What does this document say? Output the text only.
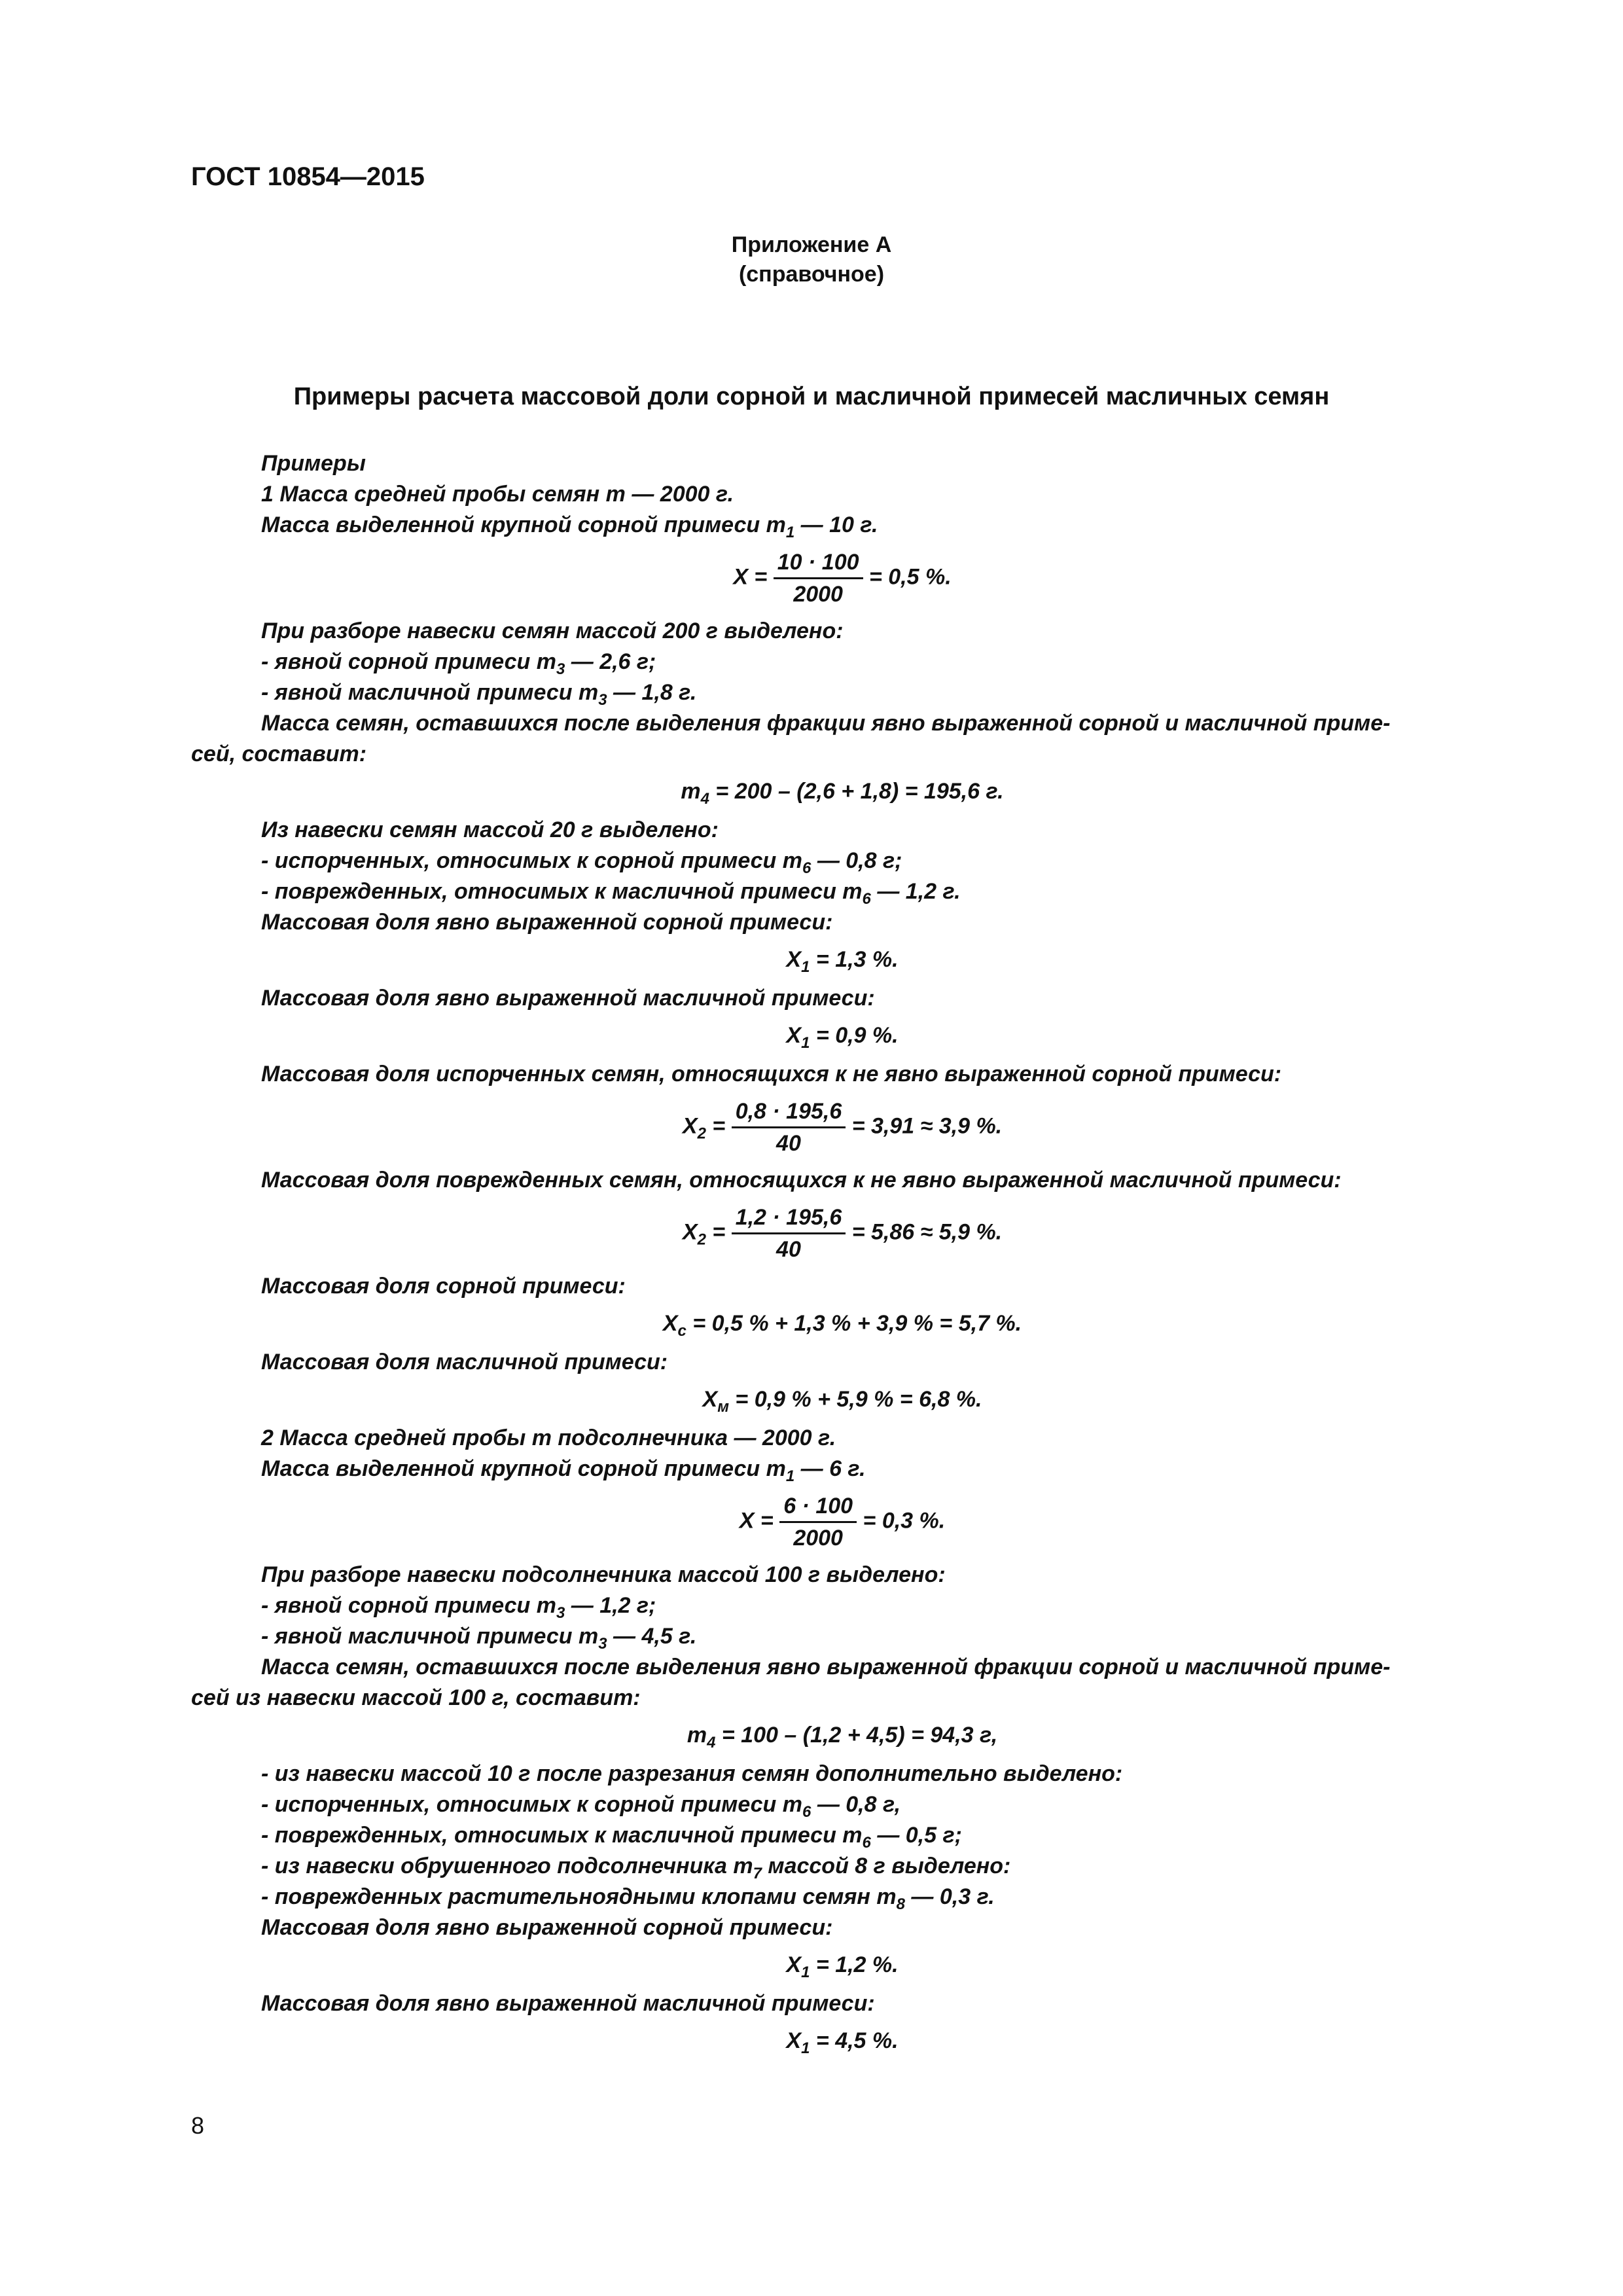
ГОСТ 10854—2015
Приложение А
(справочное)
Примеры расчета массовой доли сорной и масличной примесей масличных семян
Примеры
1 Масса средней пробы семян m — 2000 г.
Масса выделенной крупной сорной примеси $m_1$ — 10 г.
$X = \frac{10 \cdot 100}{2000} = 0,5$ %.
При разборе навески семян массой 200 г выделено:
- явной сорной примеси $m_3$ — 2,6 г;
- явной масличной примеси $m_3$ — 1,8 г.
Масса семян, оставшихся после выделения фракции явно выраженной сорной и масличной приме-
сей, составит:
$m_4 = 200 - (2,6 + 1,8) = 195,6$ г.
Из навески семян массой 20 г выделено:
- испорченных, относимых к сорной примеси $m_6$ — 0,8 г;
- поврежденных, относимых к масличной примеси $m_6$ — 1,2 г.
Массовая доля явно выраженной сорной примеси:
$X_1 = 1,3$ %.
Массовая доля явно выраженной масличной примеси:
$X_1 = 0,9$ %.
Массовая доля испорченных семян, относящихся к не явно выраженной сорной примеси:
$X_2 = \frac{0,8 \cdot 195,6}{40} = 3,91 \approx 3,9$ %.
Массовая доля поврежденных семян, относящихся к не явно выраженной масличной примеси:
$X_2 = \frac{1,2 \cdot 195,6}{40} = 5,86 \approx 5,9$ %.
Массовая доля сорной примеси:
$X_c = 0,5$ % + 1,3 % + 3,9 % = 5,7 %.
Массовая доля масличной примеси:
$X_м = 0,9$ % + 5,9 % = 6,8 %.
2 Масса средней пробы m подсолнечника — 2000 г.
Масса выделенной крупной сорной примеси $m_1$ — 6 г.
$X = \frac{6 \cdot 100}{2000} = 0,3$ %.
При разборе навески подсолнечника массой 100 г выделено:
- явной сорной примеси $m_3$ — 1,2 г;
- явной масличной примеси $m_3$ — 4,5 г.
Масса семян, оставшихся после выделения явно выраженной фракции сорной и масличной приме-
сей из навески массой 100 г, составит:
$m_4 = 100 - (1,2 + 4,5) = 94,3$ г,
- из навески массой 10 г после разрезания семян дополнительно выделено:
- испорченных, относимых к сорной примеси $m_6$ — 0,8 г,
- поврежденных, относимых к масличной примеси $m_6$ — 0,5 г;
- из навески обрушенного подсолнечника $m_7$ массой 8 г выделено:
- поврежденных растительноядными клопами семян $m_8$ — 0,3 г.
Массовая доля явно выраженной сорной примеси:
$X_1 = 1,2$ %.
Массовая доля явно выраженной масличной примеси:
$X_1 = 4,5$ %.
8
